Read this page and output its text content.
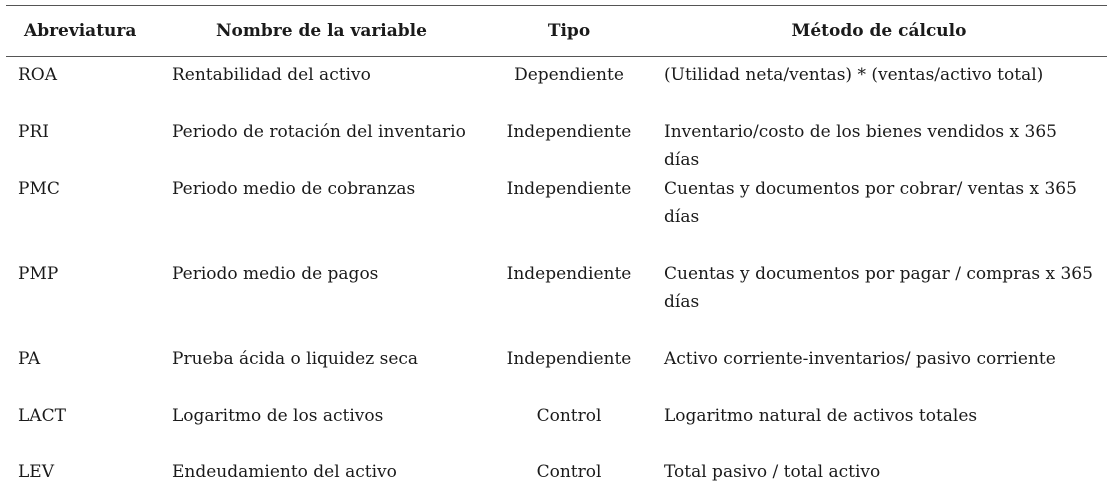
Abreviatura	Nombre de la variable	Tipo	Método de cálculo
ROA	Rentabilidad del activo	Dependiente	(Utilidad neta/ventas) * (ventas/activo total)
PRI	Periodo de rotación del inventario	Independiente	Inventario/costo de los bienes vendidos x 365 días
PMC	Periodo medio de cobranzas	Independiente	Cuentas y documentos por cobrar/ ventas x 365 días
PMP	Periodo medio de pagos	Independiente	Cuentas y documentos por pagar / compras x 365 días
PA	Prueba ácida o liquidez seca	Independiente	Activo corriente-inventarios/ pasivo corriente
LACT	Logaritmo de los activos	Control	Logaritmo natural de activos totales
LEV	Endeudamiento del activo	Control	Total pasivo / total activo
